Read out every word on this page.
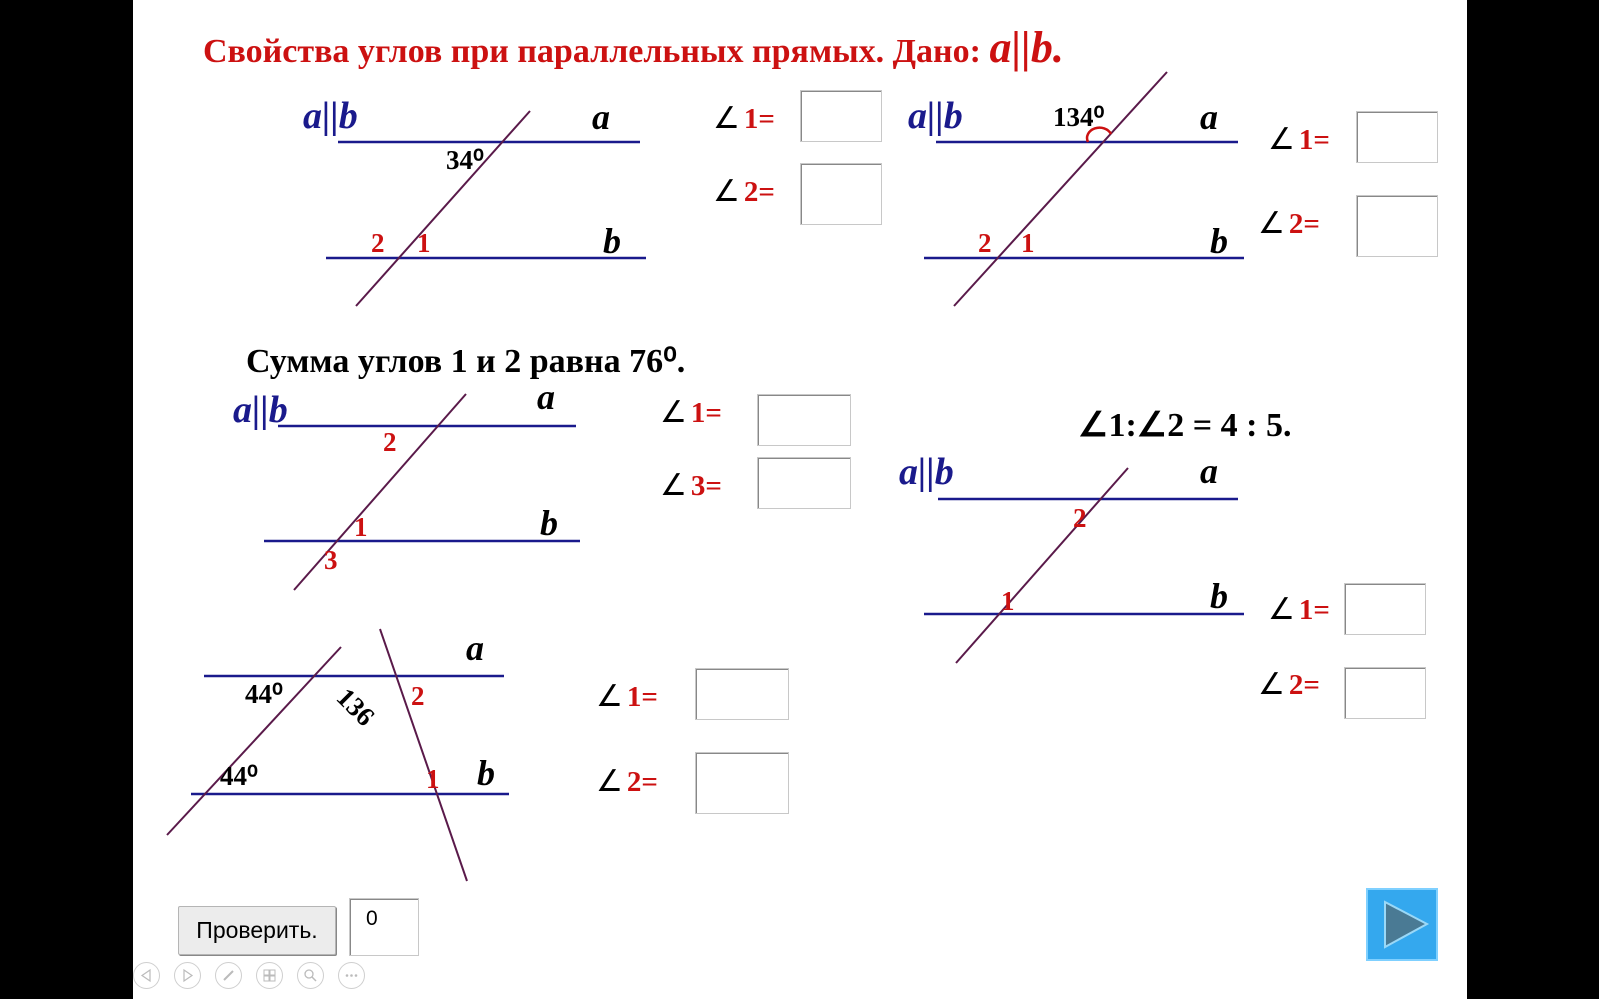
Свойства углов при параллельных прямых. Дано: a||b.
a||b	a
b
34⁰
2 1
a||b	a
b
134⁰
2 1
Сумма углов 1 и 2 равна 76⁰.
a||b	a
b
2
1
3
∠1:∠2 = 4 : 5.
a||b	a
b
2
1
a
b
44⁰
44⁰
136 2
1
∠ 1=
∠ 2=
∠ 1=
∠ 2=
∠ 1=
∠ 3=
∠ 1=
∠ 2=
∠ 1=
∠ 2=
Проверить.	0
